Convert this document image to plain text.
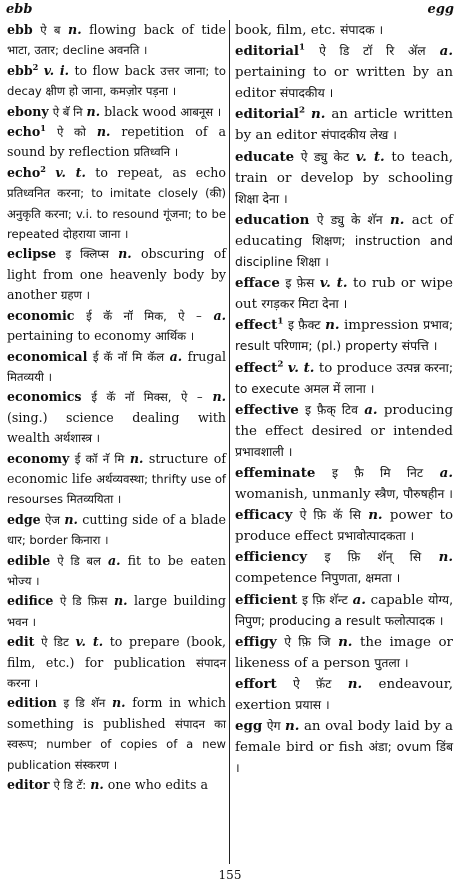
ebb	egg

ebb ऐ ब n. flowing back of tide भाटा, उतार; decline अवनति ।

ebb$^2$ v. i. to flow back उत्तर जाना; to decay क्षीण हो जाना, कमज़ोर पड़ना ।

ebony ऐ बॅ नि n. black wood आबनूस ।

echo$^1$ ऐ को n. repetition of a sound by reflection प्रतिध्वनि ।

echo$^2$ v. t. to repeat, as echo प्रतिध्वनित करना; to imitate closely (की) अनुकृति करना; v.i. to resound गूंजना; to be repeated दोहराया जाना ।

eclipse इ क्लिप्स n. obscuring of light from one heavenly body by another ग्रहण ।

economic ई कॅ नॉ मिक, ऐ – a. pertaining to economy आर्थिक ।

economical ई कॅ नॉ मि कॅल a. frugal मितव्ययी ।

economics ई कॅ नॉ मिक्स, ऐ – n. (sing.) science dealing with wealth अर्थशास्त्र ।

economy ई कॉ नॅ मि n. structure of economic life अर्थव्यवस्था; thrifty use of resourses मितव्ययिता ।

edge ऐज n. cutting side of a blade धार; border किनारा ।

edible ऐ डि बल a. fit to be eaten भोज्य ।

edifice ऐ डि फ़िस n. large building भवन ।

edit ऐ डिट v. t. to prepare (book, film, etc.) for publication संपादन करना ।

edition इ डि शॅन n. form in which something is published संपादन का स्वरूप; number of copies of a new publication संस्करण ।

editor ऐ डि टॅ: n. one who edits a

book, film, etc. संपादक ।

editorial$^1$ ऐ डि टॉ रि ॲल a. pertaining to or written by an editor संपादकीय ।

editorial$^2$ n. an article written by an editor संपादकीय लेख ।

educate ऐ ड्यु केट v. t. to teach, train or develop by schooling शिक्षा देना ।

education ऐ ड्यु के शॅन n. act of educating शिक्षण; instruction and discipline शिक्षा ।

efface इ फ़ेस v. t. to rub or wipe out रगड़कर मिटा देना ।

effect$^1$ इ फ़ैक्ट n. impression प्रभाव; result परिणाम; (pl.) property संपत्ति ।

effect$^2$ v. t. to produce उत्पन्न करना; to execute अमल में लाना ।

effective इ फ़ैक् टिव a. producing the effect desired or intended प्रभावशाली ।

effeminate इ फ़ै मि निट a. womanish, unmanly स्त्रैण, पौरुषहीन ।

efficacy ऐ फ़ि कॅ सि n. power to produce effect प्रभावोत्पादकता ।

efficiency इ फ़ि शॅन् सि n. competence निपुणता, क्षमता ।

efficient इ फ़ि शॅन्ट a. capable योग्य, निपुण; producing a result फलोत्पादक ।

effigy ऐ फ़ि जि n. the image or likeness of a person पुतला ।

effort ऐ फ़ॅट n. endeavour, exertion प्रयास ।

egg ऐग n. an oval body laid by a female bird or fish अंडा; ovum डिंब ।

155
